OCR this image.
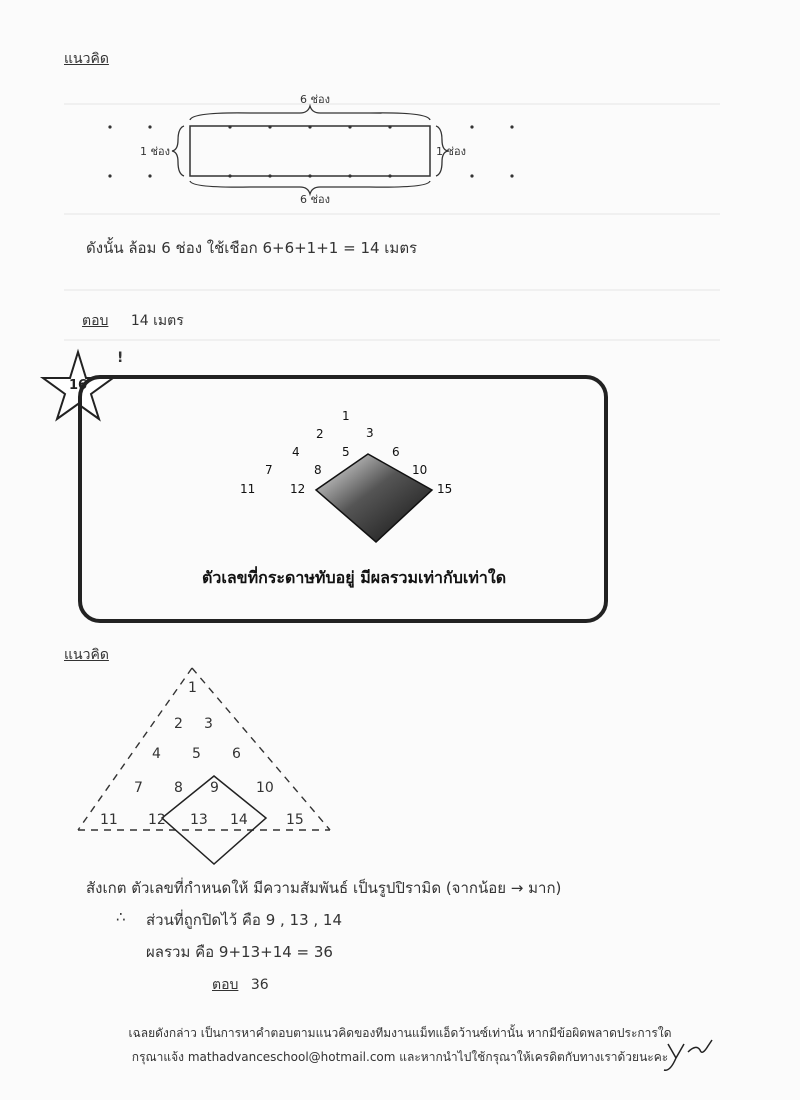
แนวคิด
6 ช่อง
1 ช่อง	1 ช่อง
6 ช่อง
ดังนั้น ล้อม 6 ช่อง ใช้เชือก 6+6+1+1 = 14 เมตร
ตอบ 14 เมตร
16
!
1
2	3
4	5	6
7	8	10
11	12	15
ตัวเลขที่กระดาษทับอยู่ มีผลรวมเท่ากับเท่าใด
แนวคิด
1
2 3
4 5 6
7 8 9	10
11 12 13 14	15
สังเกต ตัวเลขที่กำหนดให้ มีความสัมพันธ์ เป็นรูปปิรามิด (จากน้อย → มาก)
∴ ส่วนที่ถูกปิดไว้ คือ 9 , 13 , 14
ผลรวม คือ 9+13+14 = 36
ตอบ 36
เฉลยดังกล่าว เป็นการหาคำตอบตามแนวคิดของทีมงานแม็ทแอ็ดว้านซ์เท่านั้น หากมีข้อผิดพลาดประการใด
กรุณาแจ้ง mathadvanceschool@hotmail.com และหากนำไปใช้กรุณาให้เครดิตกับทางเราด้วยนะคะ
